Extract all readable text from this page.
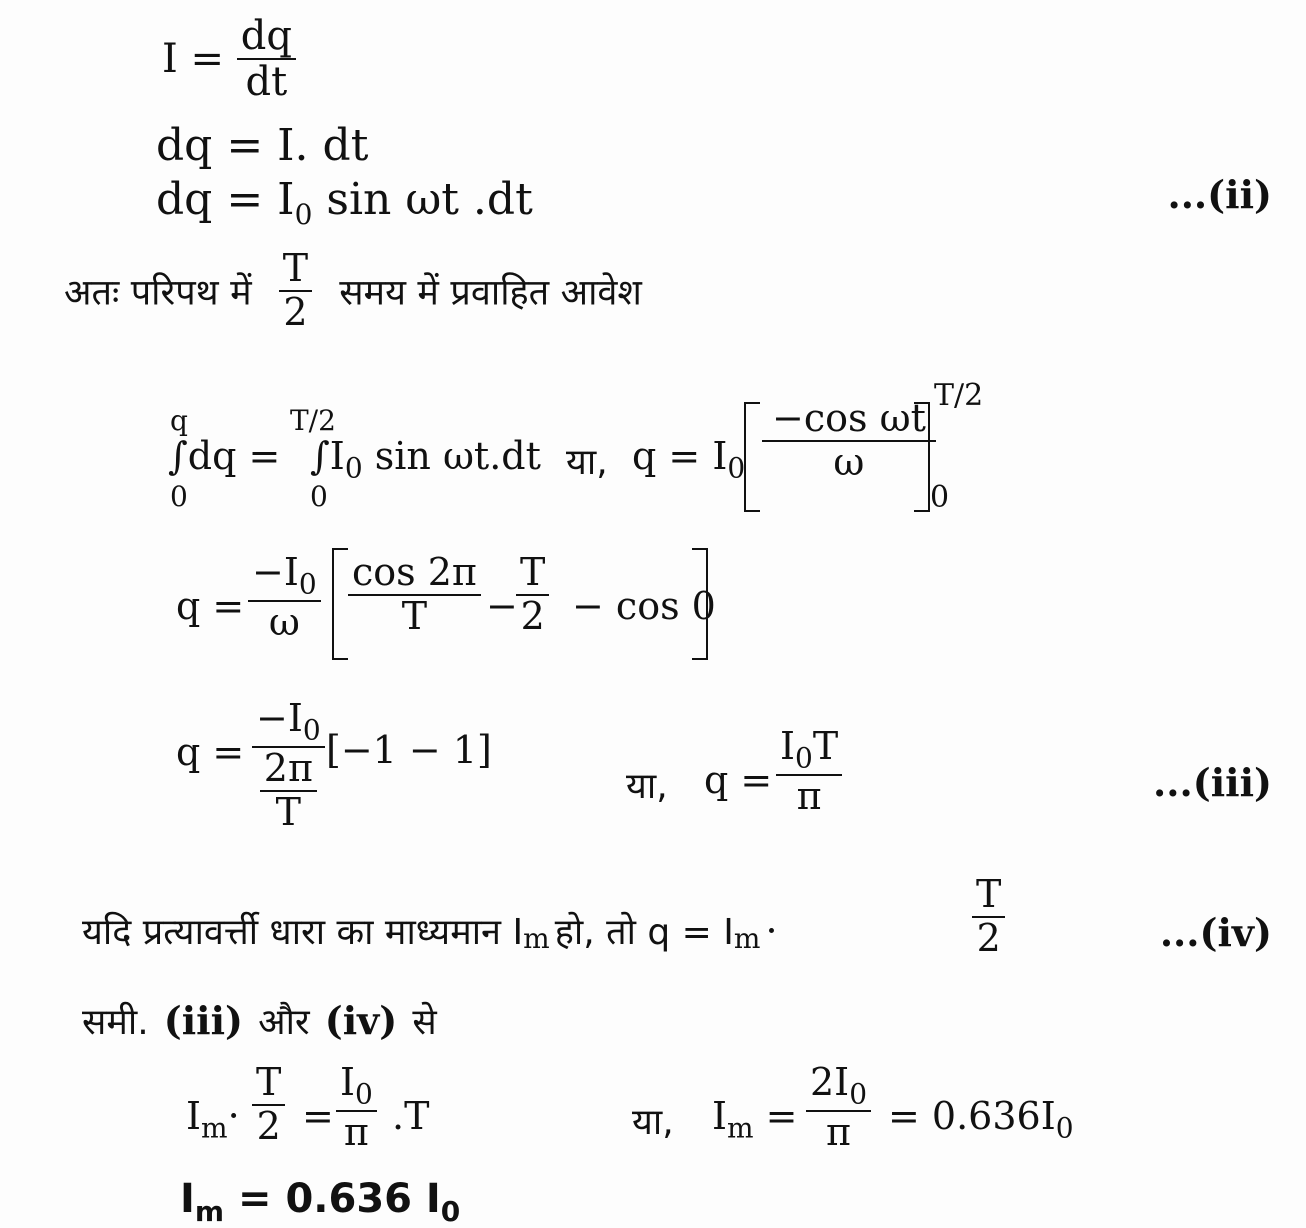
$I = \frac{dq}{dt}$
dq = I. dt
dq = $I_0$ sin ωt .dt	...(ii)
अतः परिपथ में $\frac{T}{2}$ समय में प्रवाहित आवेश
q
0
∫dq =
T/2
0
$\int I_0$ sin ωt.dt या, $q = I_0 \frac{\text{−cos ωt}}{\omega}$
T/2
0
$q = \frac{-I_0}{\omega} \frac{\cos 2\pi}{T}$ −
$\frac{T}{2} - \cos 0$
$q = \frac{-I_0}{\frac{2\pi}{T}} [-1 - 1]$
या, $q = \frac{I_0T}{\pi}$	...(iii)
यदि प्रत्यावर्त्ती धारा का माध्यमान $I_m$ हो, तो $q = I_m$ ·	$\frac{T}{2}$	...(iv)
समी. (iii) और (iv) से
$I_m\cdot \frac{T}{2} = \frac{I_0}{\pi} .T$	या, $I_m = \frac{2I_0}{\pi} = 0.636I_0$
$I_m = 0.636$ $I_0$
